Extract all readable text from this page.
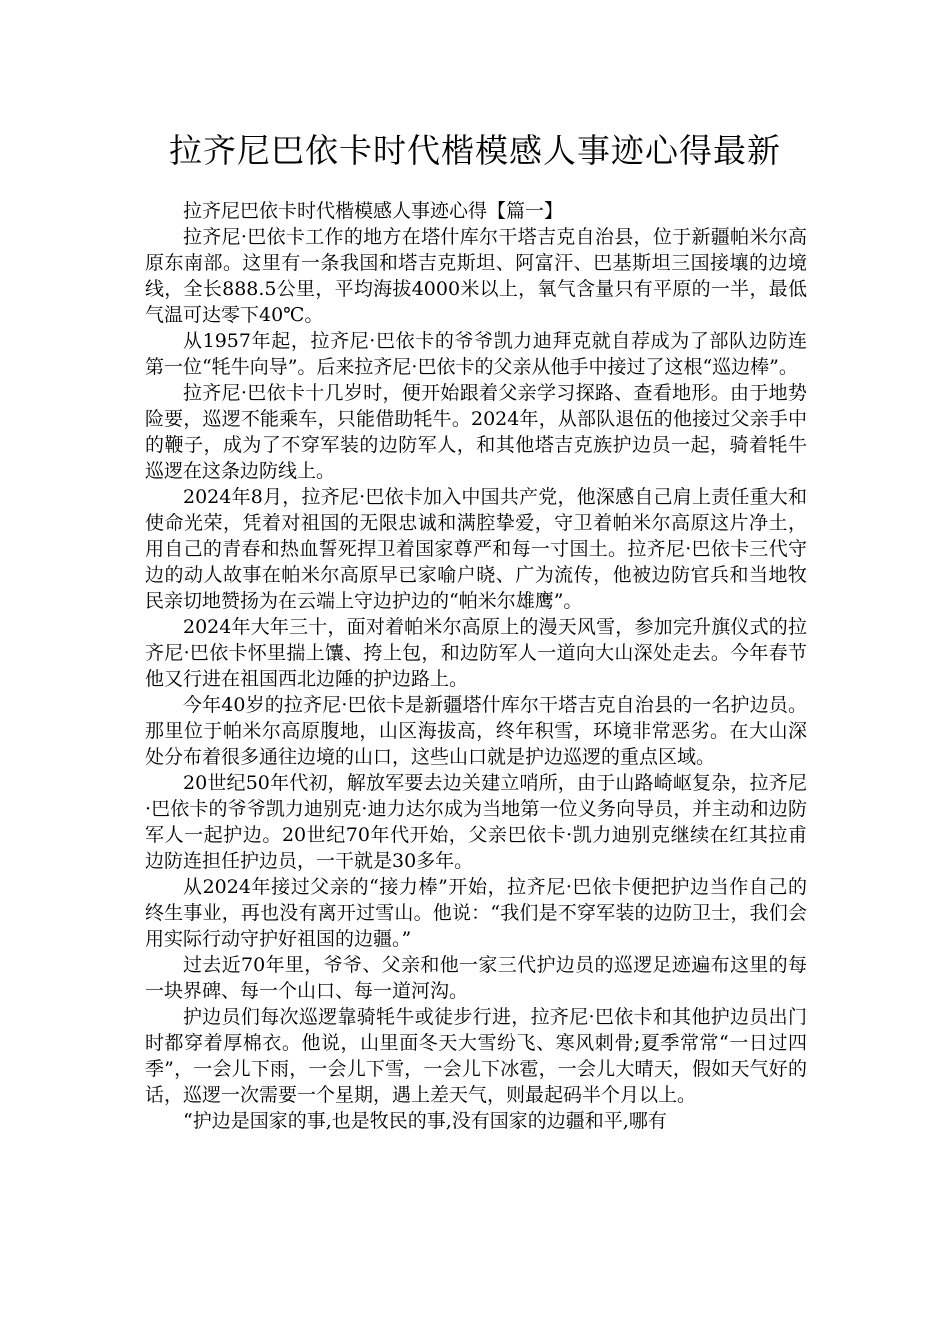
拉齐尼巴依卡时代楷模感人事迹心得最新

拉齐尼巴依卡时代楷模感人事迹心得【篇一】

拉齐尼·巴依卡工作的地方在塔什库尔干塔吉克自治县，位于新疆帕米尔高原东南部。这里有一条我国和塔吉克斯坦、阿富汗、巴基斯坦三国接壤的边境线，全长888.5公里，平均海拔4000米以上，氧气含量只有平原的一半，最低气温可达零下40℃。

从1957年起，拉齐尼·巴依卡的爷爷凯力迪拜克就自荐成为了部队边防连第一位“牦牛向导”。后来拉齐尼·巴依卡的父亲从他手中接过了这根“巡边棒”。

拉齐尼·巴依卡十几岁时，便开始跟着父亲学习探路、查看地形。由于地势险要，巡逻不能乘车，只能借助牦牛。2024年，从部队退伍的他接过父亲手中的鞭子，成为了不穿军装的边防军人，和其他塔吉克族护边员一起，骑着牦牛巡逻在这条边防线上。

2024年8月，拉齐尼·巴依卡加入中国共产党，他深感自己肩上责任重大和使命光荣，凭着对祖国的无限忠诚和满腔挚爱，守卫着帕米尔高原这片净土，用自己的青春和热血誓死捍卫着国家尊严和每一寸国土。拉齐尼·巴依卡三代守边的动人故事在帕米尔高原早已家喻户晓、广为流传，他被边防官兵和当地牧民亲切地赞扬为在云端上守边护边的“帕米尔雄鹰”。

2024年大年三十，面对着帕米尔高原上的漫天风雪，参加完升旗仪式的拉齐尼·巴依卡怀里揣上馕、挎上包，和边防军人一道向大山深处走去。今年春节他又行进在祖国西北边陲的护边路上。

今年40岁的拉齐尼·巴依卡是新疆塔什库尔干塔吉克自治县的一名护边员。那里位于帕米尔高原腹地，山区海拔高，终年积雪，环境非常恶劣。在大山深处分布着很多通往边境的山口，这些山口就是护边巡逻的重点区域。

20世纪50年代初，解放军要去边关建立哨所，由于山路崎岖复杂，拉齐尼·巴依卡的爷爷凯力迪别克·迪力达尔成为当地第一位义务向导员，并主动和边防军人一起护边。20世纪70年代开始，父亲巴依卡·凯力迪别克继续在红其拉甫边防连担任护边员，一干就是30多年。

从2024年接过父亲的“接力棒”开始，拉齐尼·巴依卡便把护边当作自己的终生事业，再也没有离开过雪山。他说：“我们是不穿军装的边防卫士，我们会用实际行动守护好祖国的边疆。”

过去近70年里，爷爷、父亲和他一家三代护边员的巡逻足迹遍布这里的每一块界碑、每一个山口、每一道河沟。

护边员们每次巡逻靠骑牦牛或徒步行进，拉齐尼·巴依卡和其他护边员出门时都穿着厚棉衣。他说，山里面冬天大雪纷飞、寒风刺骨;夏季常常“一日过四季”，一会儿下雨，一会儿下雪，一会儿下冰雹，一会儿大晴天，假如天气好的话，巡逻一次需要一个星期，遇上差天气，则最起码半个月以上。

“护边是国家的事,也是牧民的事,没有国家的边疆和平,哪有
